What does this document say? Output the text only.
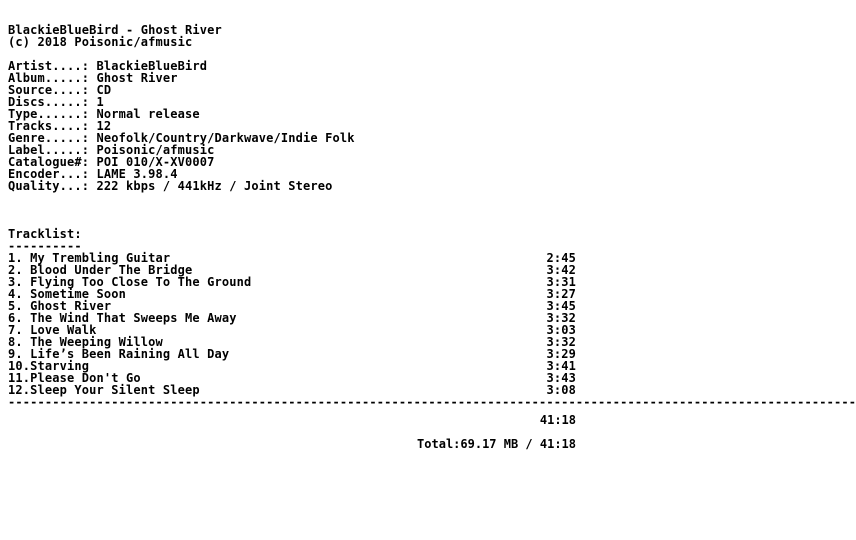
BlackieBlueBird - Ghost River
(c) 2018 Poisonic/afmusic
Artist....: BlackieBlueBird
Album.....: Ghost River
Source....: CD
Discs.....: 1
Type......: Normal release
Tracks....: 12
Genre.....: Neofolk/Country/Darkwave/Indie Folk
Label.....: Poisonic/afmusic
Catalogue#: POI 010/X-XV0007
Encoder...: LAME 3.98.4
Quality...: 222 kbps / 441kHz / Joint Stereo
Tracklist:
----------
1. My Trembling Guitar	2:45
2. Blood Under The Bridge	3:42
3. Flying Too Close To The Ground	3:31
4. Sometime Soon	3:27
5. Ghost River	3:45
6. The Wind That Sweeps Me Away	3:32
7. Love Walk	3:03
8. The Weeping Willow	3:32
9. Life’s Been Raining All Day	3:29
10.Starving	3:41
11.Please Don't Go	3:43
12.Sleep Your Silent Sleep	3:08
-------------------------------------------------------------------------------------------------------------------
41:18
Total:69.17 MB / 41:18
